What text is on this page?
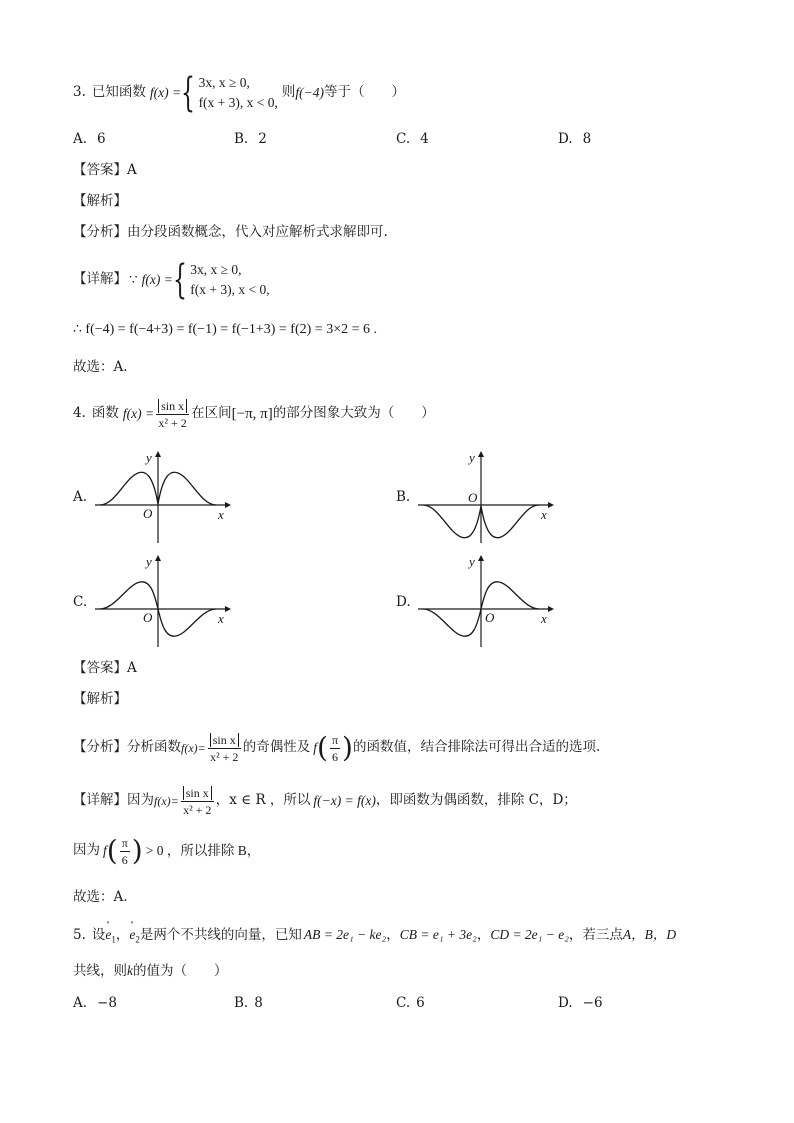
3. 已知函数 f(x) = { 3x, x ≥ 0,
f(x + 3), x < 0,
则 f(−4) 等于（　　）
A. 6	B. 2	C. 4	D. 8
【答案】A
【解析】
【分析】由分段函数概念，代入对应解析式求解即可.
【详解】 ∵ f(x) = { 3x, x ≥ 0,
f(x + 3), x < 0,
∴ f(−4) = f(−4+3) = f(−1) = f(−1+3) = f(2) = 3×2 = 6 .
故选：A.
4. 函数 $f(x) = \frac{\text{sin x}}{\text{x² + 2}}$ 在区间 [−π, π] 的部分图象大致为（　　）
A.	B.
C.	D.
y
x
O
y
x
O
y
x
O
y
x
O
【答案】A
【解析】
【分析】 分析函数 $f(x)= \frac{\text{sin x}}{\text{x² + 2}}$ 的奇偶性及 f ( $\frac{\pi}{6}$ ) 的函数值，结合排除法可得出合适的选项.
【详解】 因为 $f(x)= \frac{\text{sin x}}{\text{x² + 2}}$ ，x ∈ R ，所以 f(−x) = f(x) ，即函数为偶函数，排除 C，D；
因为 f ( $\frac{\pi}{6}$ ) > 0 ，所以排除 B，
故选：A.
5. 设 ᵘ $e_1$ ， ᵘ $e_2$ 是两个不共线的向量，已知 AB = 2e₁ − ke₂ ， CB = e₁ + 3e₂ ， CD = 2e₁ − e₂ ，若三点 A，B，D
共线，则k的值为（　　）
A. −8	B. 8	C. 6	D. −6
